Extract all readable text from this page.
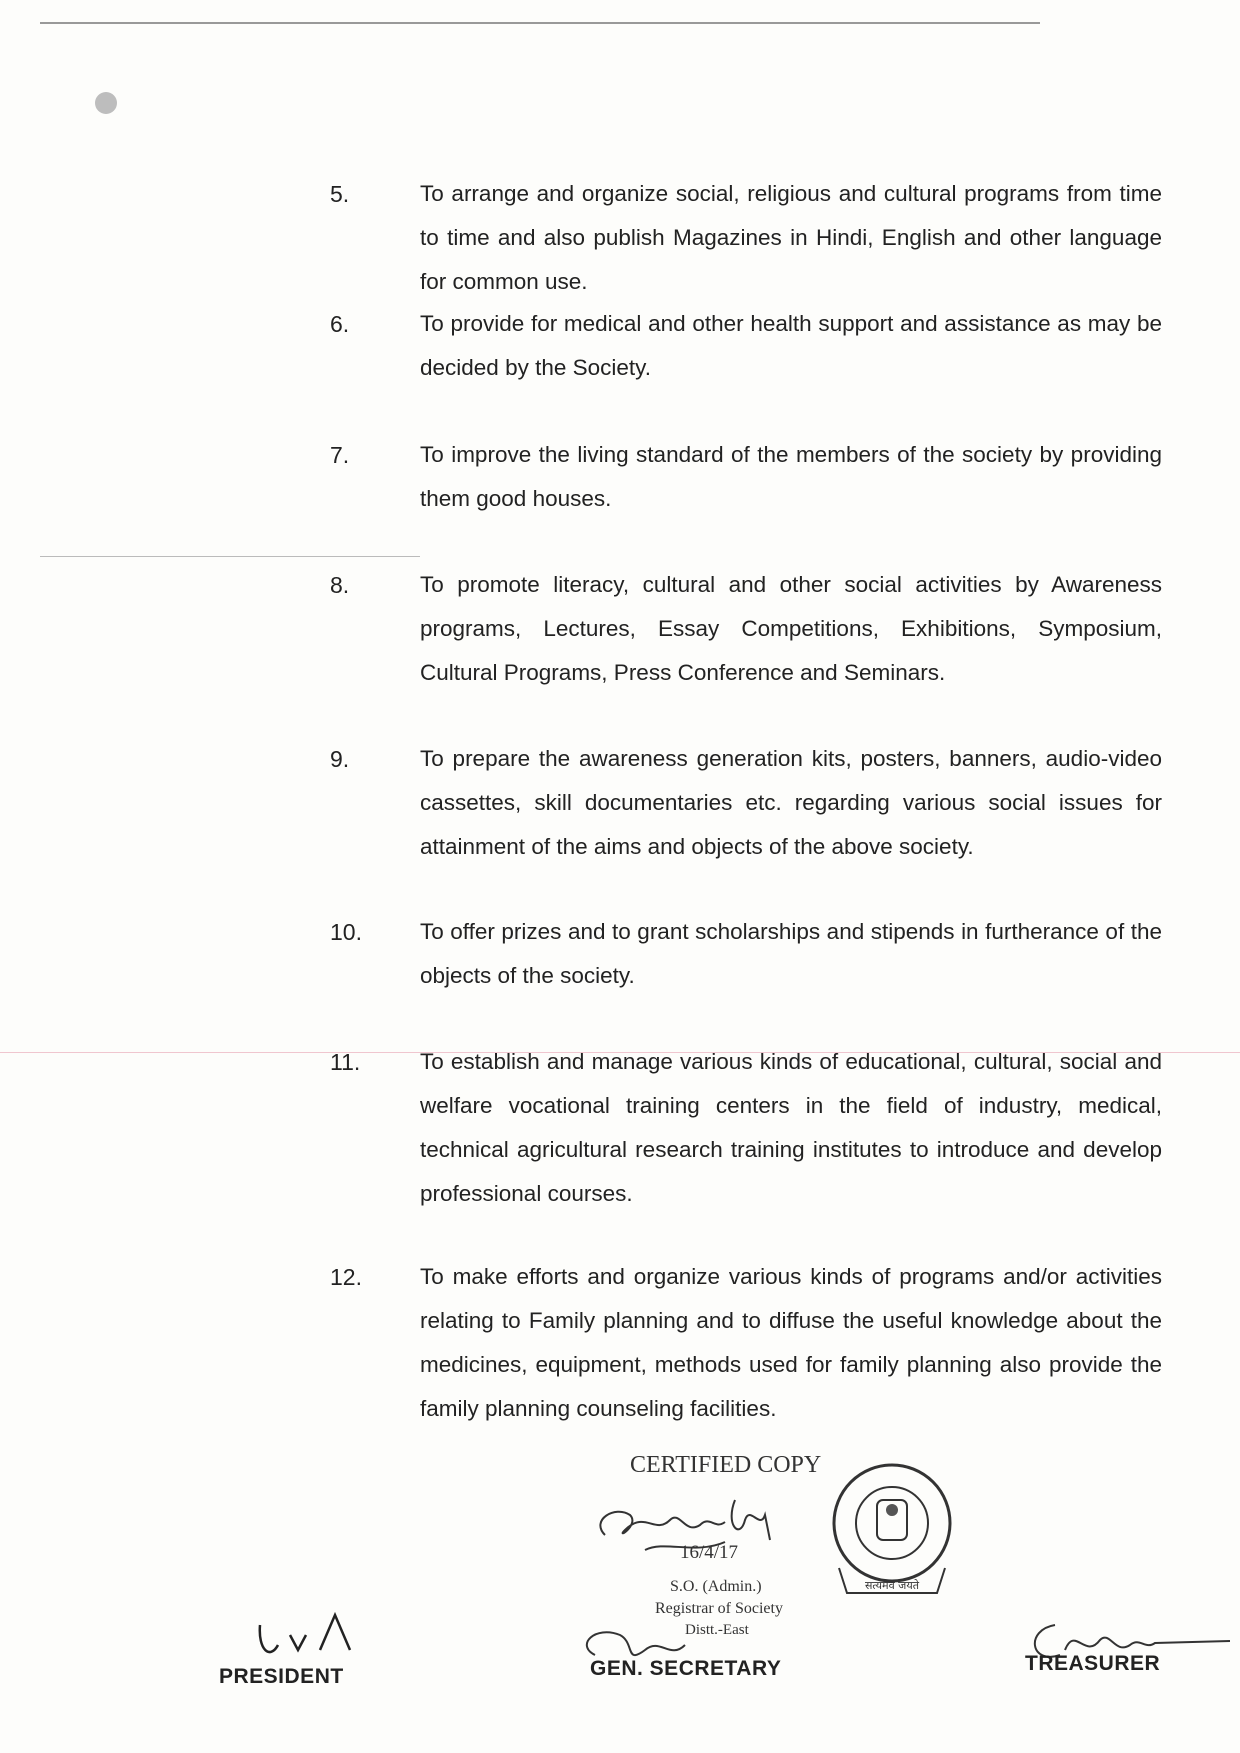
5.	To arrange and organize social, religious and cultural programs from time to time and also publish Magazines in Hindi, English and other language for common use.
6.	To provide for medical and other health support and assistance as may be decided by the Society.
7.	To improve the living standard of the members of the society by providing them good houses.
8.	To promote literacy, cultural and other social activities by Awareness programs, Lectures, Essay Competitions, Exhibitions, Symposium, Cultural Programs, Press Conference and Seminars.
9.	To prepare the awareness generation kits, posters, banners, audio-video cassettes, skill documentaries etc. regarding various social issues for attainment of the aims and objects of the above society.
10.	To offer prizes and to grant scholarships and stipends in furtherance of the objects of the society.
11.	To establish and manage various kinds of educational, cultural, social and welfare vocational training centers in the field of industry, medical, technical agricultural research training institutes to introduce and develop professional courses.
12.	To make efforts and organize various kinds of programs and/or activities relating to Family planning and to diffuse the useful knowledge about the medicines, equipment, methods used for family planning also provide the family planning counseling facilities.
CERTIFIED COPY
16/4/17
S.O. (Admin.)
Registrar of Society
Distt.-East
सत्यमेव जयते
PRESIDENT	GEN. SECRETARY	TREASURER
